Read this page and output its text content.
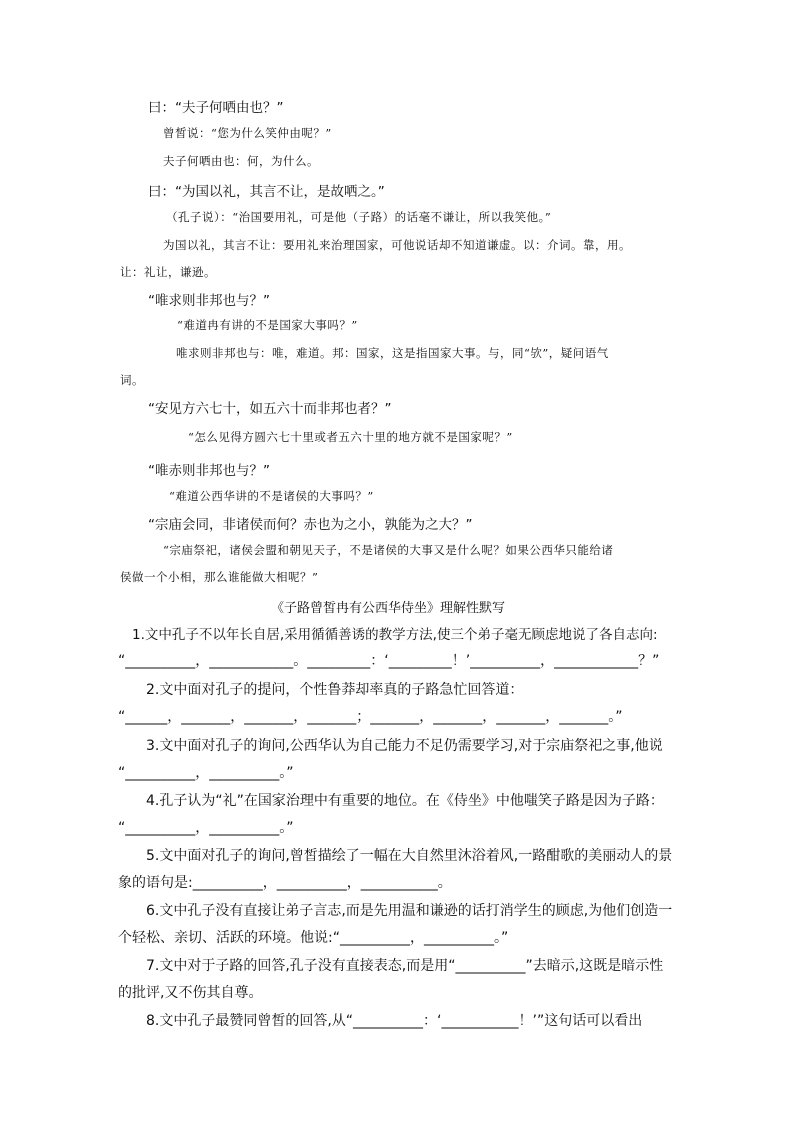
曰：“夫子何哂由也？”
曾皙说：“您为什么笑仲由呢？”
夫子何哂由也：何，为什么。
曰：“为国以礼，其言不让，是故哂之。”
（孔子说）：“治国要用礼，可是他（子路）的话毫不谦让，所以我笑他。”
为国以礼，其言不让：要用礼来治理国家，可他说话却不知道谦虚。以：介词。靠，用。
让：礼让，谦逊。
“唯求则非邦也与？”
“难道冉有讲的不是国家大事吗？”
唯求则非邦也与：唯，难道。邦：国家，这是指国家大事。与，同“欤”，疑问语气
词。
“安见方六七十，如五六十而非邦也者？”
“怎么见得方圆六七十里或者五六十里的地方就不是国家呢？”
“唯赤则非邦也与？”
“难道公西华讲的不是诸侯的大事吗？”
“宗庙会同，非诸侯而何？赤也为之小，孰能为之大？”
“宗庙祭祀，诸侯会盟和朝见天子，不是诸侯的大事又是什么呢？如果公西华只能给诸
侯做一个小相，那么谁能做大相呢？”
《子路曾皙冉有公西华侍坐》理解性默写
1.文中孔子不以年长自居,采用循循善诱的教学方法,使三个弟子毫无顾虑地说了各自志向:
“__________，____________。_________：‘_________！’__________，____________？”
2.文中面对孔子的提问，个性鲁莽却率真的子路急忙回答道：
“______，_______，_______，_______；_______，_______，_______，_______。”
3.文中面对孔子的询问,公西华认为自己能力不足仍需要学习,对于宗庙祭祀之事,他说
“__________，__________。”
4.孔子认为“礼”在国家治理中有重要的地位。在《侍坐》中他嗤笑子路是因为子路：
“__________，__________。”
5.文中面对孔子的询问,曾皙描绘了一幅在大自然里沐浴着风,一路酣歌的美丽动人的景
象的语句是:__________，__________，___________。
6.文中孔子没有直接让弟子言志,而是先用温和谦逊的话打消学生的顾虑,为他们创造一
个轻松、亲切、活跃的环境。他说:“__________，__________。”
7.文中对于子路的回答,孔子没有直接表态,而是用“__________”去暗示,这既是暗示性
的批评,又不伤其自尊。
8.文中孔子最赞同曾皙的回答,从“__________：‘___________！’”这句话可以看出
